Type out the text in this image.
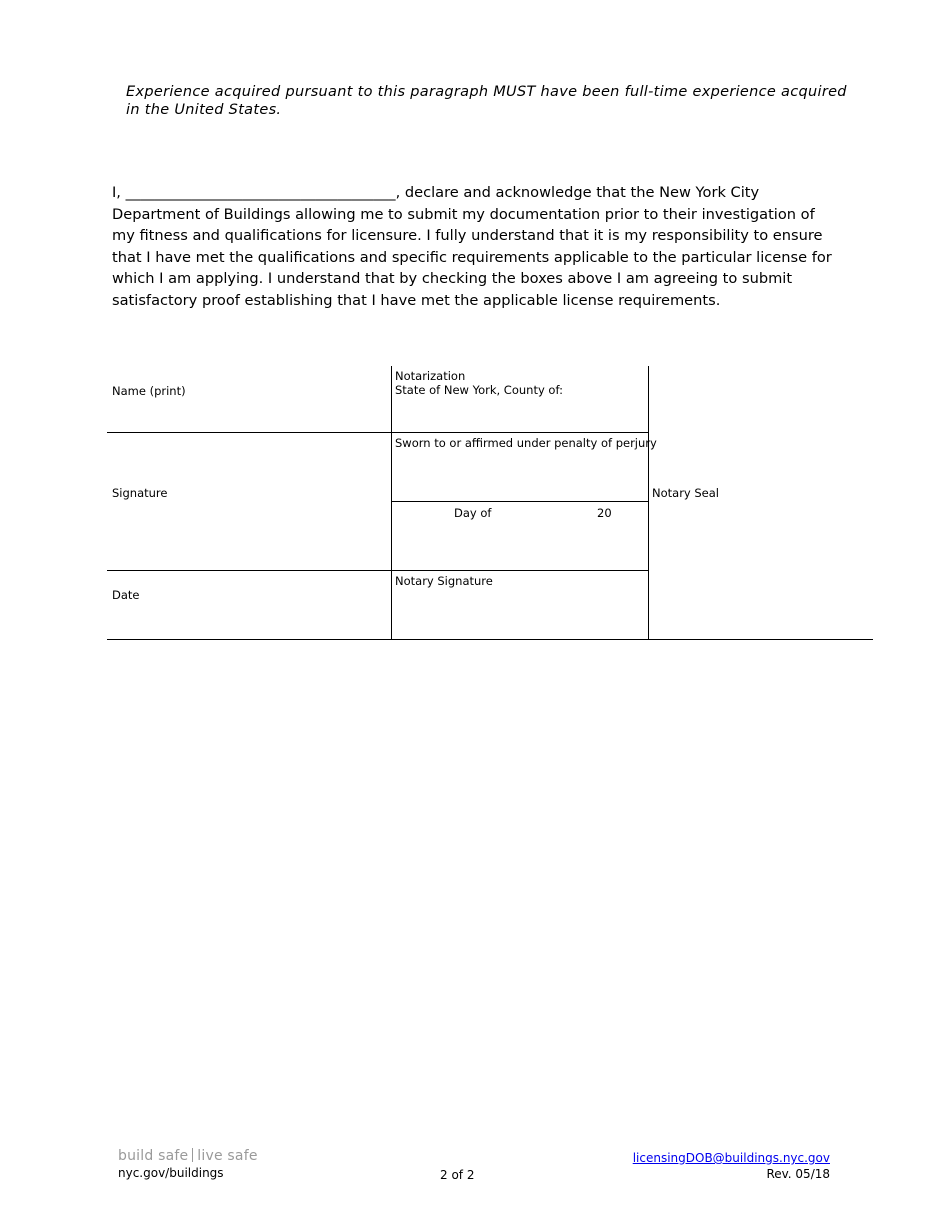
Experience acquired pursuant to this paragraph MUST have been full-time experience acquired in the United States.
I, _____________________________________, declare and acknowledge that the New York City Department of Buildings allowing me to submit my documentation prior to their investigation of my fitness and qualifications for licensure. I fully understand that it is my responsibility to ensure that I have met the qualifications and specific requirements applicable to the particular license for which I am applying. I understand that by checking the boxes above I am agreeing to submit satisfactory proof establishing that I have met the applicable license requirements.
Name (print)
Signature
Date
Notarization
State of New York, County of:
Sworn to or affirmed under penalty of perjury
Day of	20
Notary Signature
Notary Seal
build safe live safe
nyc.gov/buildings	2 of 2
licensingDOB@buildings.nyc.gov
Rev. 05/18
